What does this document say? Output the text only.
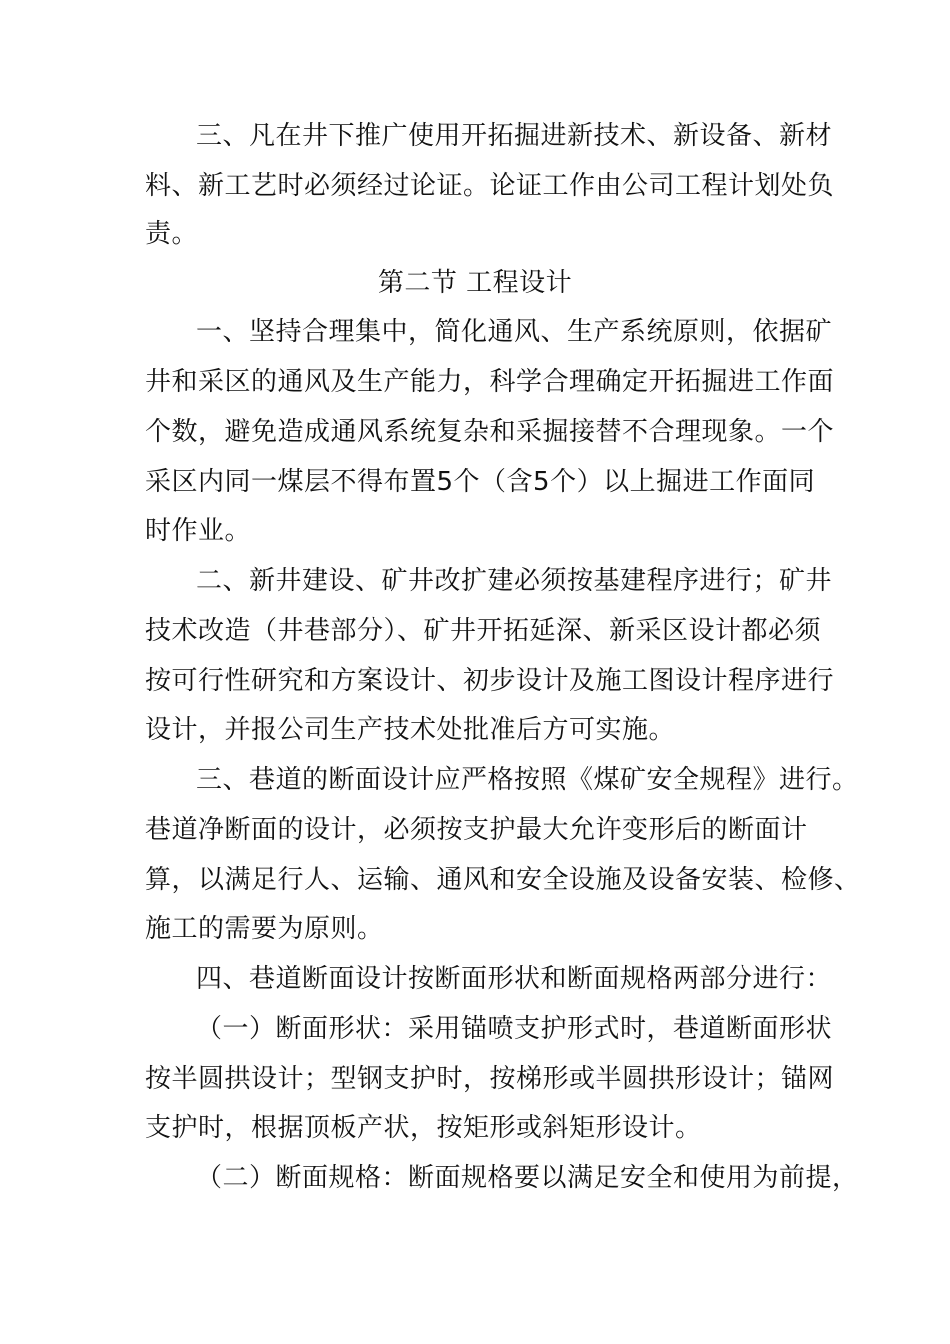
三、凡在井下推广使用开拓掘进新技术、新设备、新材
料、新工艺时必须经过论证。论证工作由公司工程计划处负
责。
第二节 工程设计
一、坚持合理集中，简化通风、生产系统原则，依据矿
井和采区的通风及生产能力，科学合理确定开拓掘进工作面
个数，避免造成通风系统复杂和采掘接替不合理现象。一个
采区内同一煤层不得布置5个（含5个）以上掘进工作面同
时作业。
二、新井建设、矿井改扩建必须按基建程序进行；矿井
技术改造（井巷部分）、矿井开拓延深、新采区设计都必须
按可行性研究和方案设计、初步设计及施工图设计程序进行
设计，并报公司生产技术处批准后方可实施。
三、巷道的断面设计应严格按照《煤矿安全规程》进行。
巷道净断面的设计，必须按支护最大允许变形后的断面计
算，以满足行人、运输、通风和安全设施及设备安装、检修、
施工的需要为原则。
四、巷道断面设计按断面形状和断面规格两部分进行：
（一）断面形状：采用锚喷支护形式时，巷道断面形状
按半圆拱设计；型钢支护时，按梯形或半圆拱形设计；锚网
支护时，根据顶板产状，按矩形或斜矩形设计。
（二）断面规格：断面规格要以满足安全和使用为前提，
